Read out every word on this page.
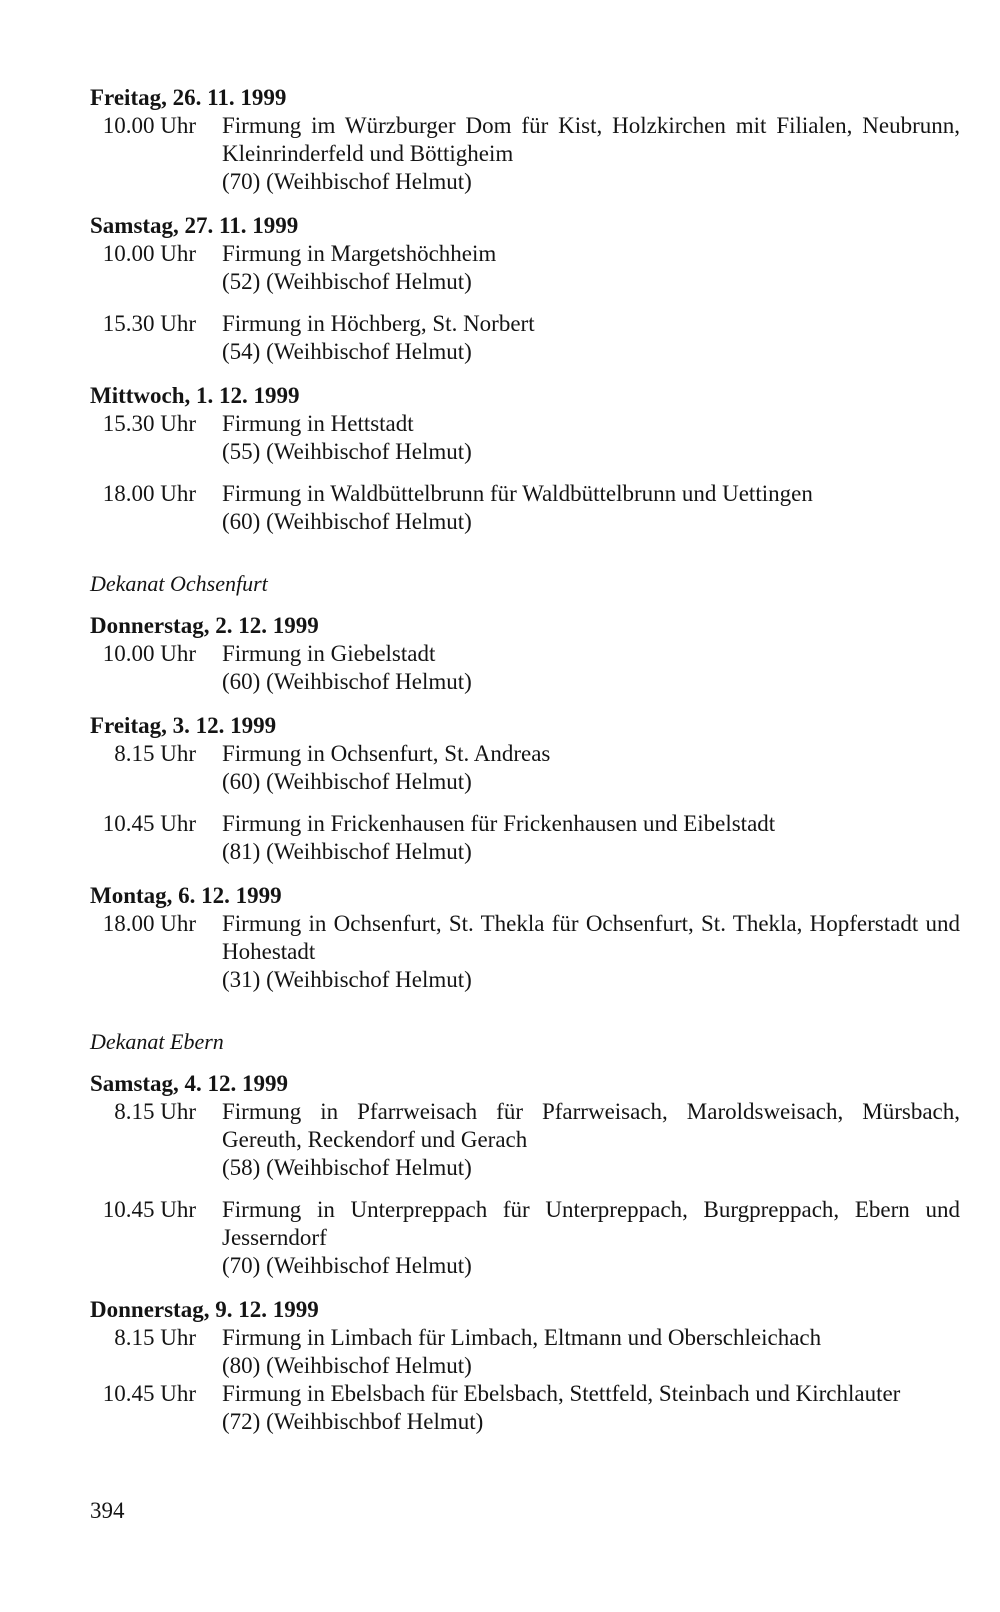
Freitag, 26. 11. 1999
10.00 Uhr	Firmung im Würzburger Dom für Kist, Holzkirchen mit Filialen, Neubrunn, Kleinrinderfeld und Böttigheim

(70) (Weihbischof Helmut)

Samstag, 27. 11. 1999
10.00 Uhr	Firmung in Margetshöchheim

(52) (Weihbischof Helmut)

15.30 Uhr	Firmung in Höchberg, St. Norbert

(54) (Weihbischof Helmut)

Mittwoch, 1. 12. 1999
15.30 Uhr	Firmung in Hettstadt

(55) (Weihbischof Helmut)

18.00 Uhr	Firmung in Waldbüttelbrunn für Waldbüttelbrunn und Uettingen

(60) (Weihbischof Helmut)

Dekanat Ochsenfurt
Donnerstag, 2. 12. 1999
10.00 Uhr	Firmung in Giebelstadt

(60) (Weihbischof Helmut)

Freitag, 3. 12. 1999
8.15 Uhr	Firmung in Ochsenfurt, St. Andreas

(60) (Weihbischof Helmut)

10.45 Uhr	Firmung in Frickenhausen für Frickenhausen und Eibelstadt

(81) (Weihbischof Helmut)

Montag, 6. 12. 1999
18.00 Uhr	Firmung in Ochsenfurt, St. Thekla für Ochsenfurt, St. Thekla, Hopferstadt und Hohestadt

(31) (Weihbischof Helmut)

Dekanat Ebern
Samstag, 4. 12. 1999
8.15 Uhr	Firmung in Pfarrweisach für Pfarrweisach, Maroldsweisach, Mürsbach, Gereuth, Reckendorf und Gerach

(58) (Weihbischof Helmut)

10.45 Uhr	Firmung in Unterpreppach für Unterpreppach, Burgpreppach, Ebern und Jesserndorf

(70) (Weihbischof Helmut)

Donnerstag, 9. 12. 1999
8.15 Uhr	Firmung in Limbach für Limbach, Eltmann und Oberschleichach

(80) (Weihbischof Helmut)

10.45 Uhr	Firmung in Ebelsbach für Ebelsbach, Stettfeld, Steinbach und Kirchlauter

(72) (Weihbischbof Helmut)

394
